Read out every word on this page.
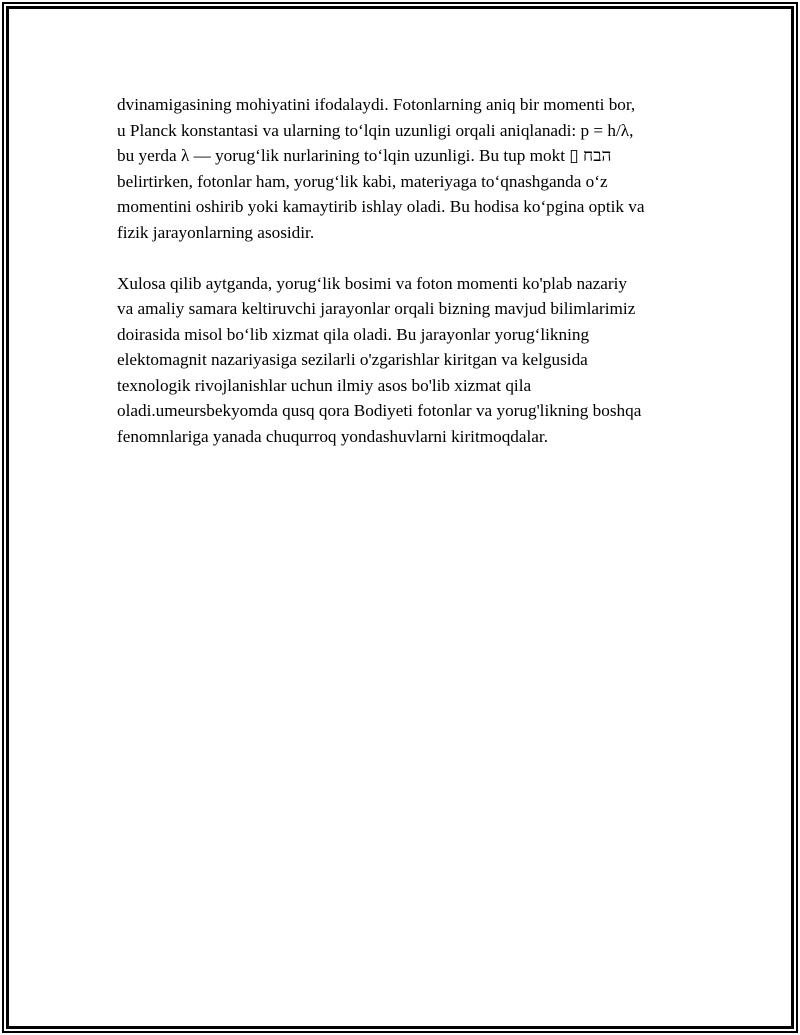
dvinamigasining mohiyatini ifodalaydi. Fotonlarning aniq bir momenti bor,
u Planck konstantasi va ularning to‘lqin uzunligi orqali aniqlanadi: p = h/λ,
bu yerda λ — yorug‘lik nurlarining to‘lqin uzunligi. Bu tup mokt ▯ הבח
belirtirken, fotonlar ham, yorug‘lik kabi, materiyaga to‘qnashganda o‘z
momentini oshirib yoki kamaytirib ishlay oladi. Bu hodisa ko‘pgina optik va
fizik jarayonlarning asosidir.

Xulosa qilib aytganda, yorug‘lik bosimi va foton momenti ko'plab nazariy
va amaliy samara keltiruvchi jarayonlar orqali bizning mavjud bilimlarimiz
doirasida misol bo‘lib xizmat qila oladi. Bu jarayonlar yorug‘likning
elektomagnit nazariyasiga sezilarli o'zgarishlar kiritgan va kelgusida
texnologik rivojlanishlar uchun ilmiy asos bo'lib xizmat qila
oladi.umeursbekyomda qusq qora Bodiyeti fotonlar va yorug'likning boshqa
fenomnlariga yanada chuqurroq yondashuvlarni kiritmoqdalar.
